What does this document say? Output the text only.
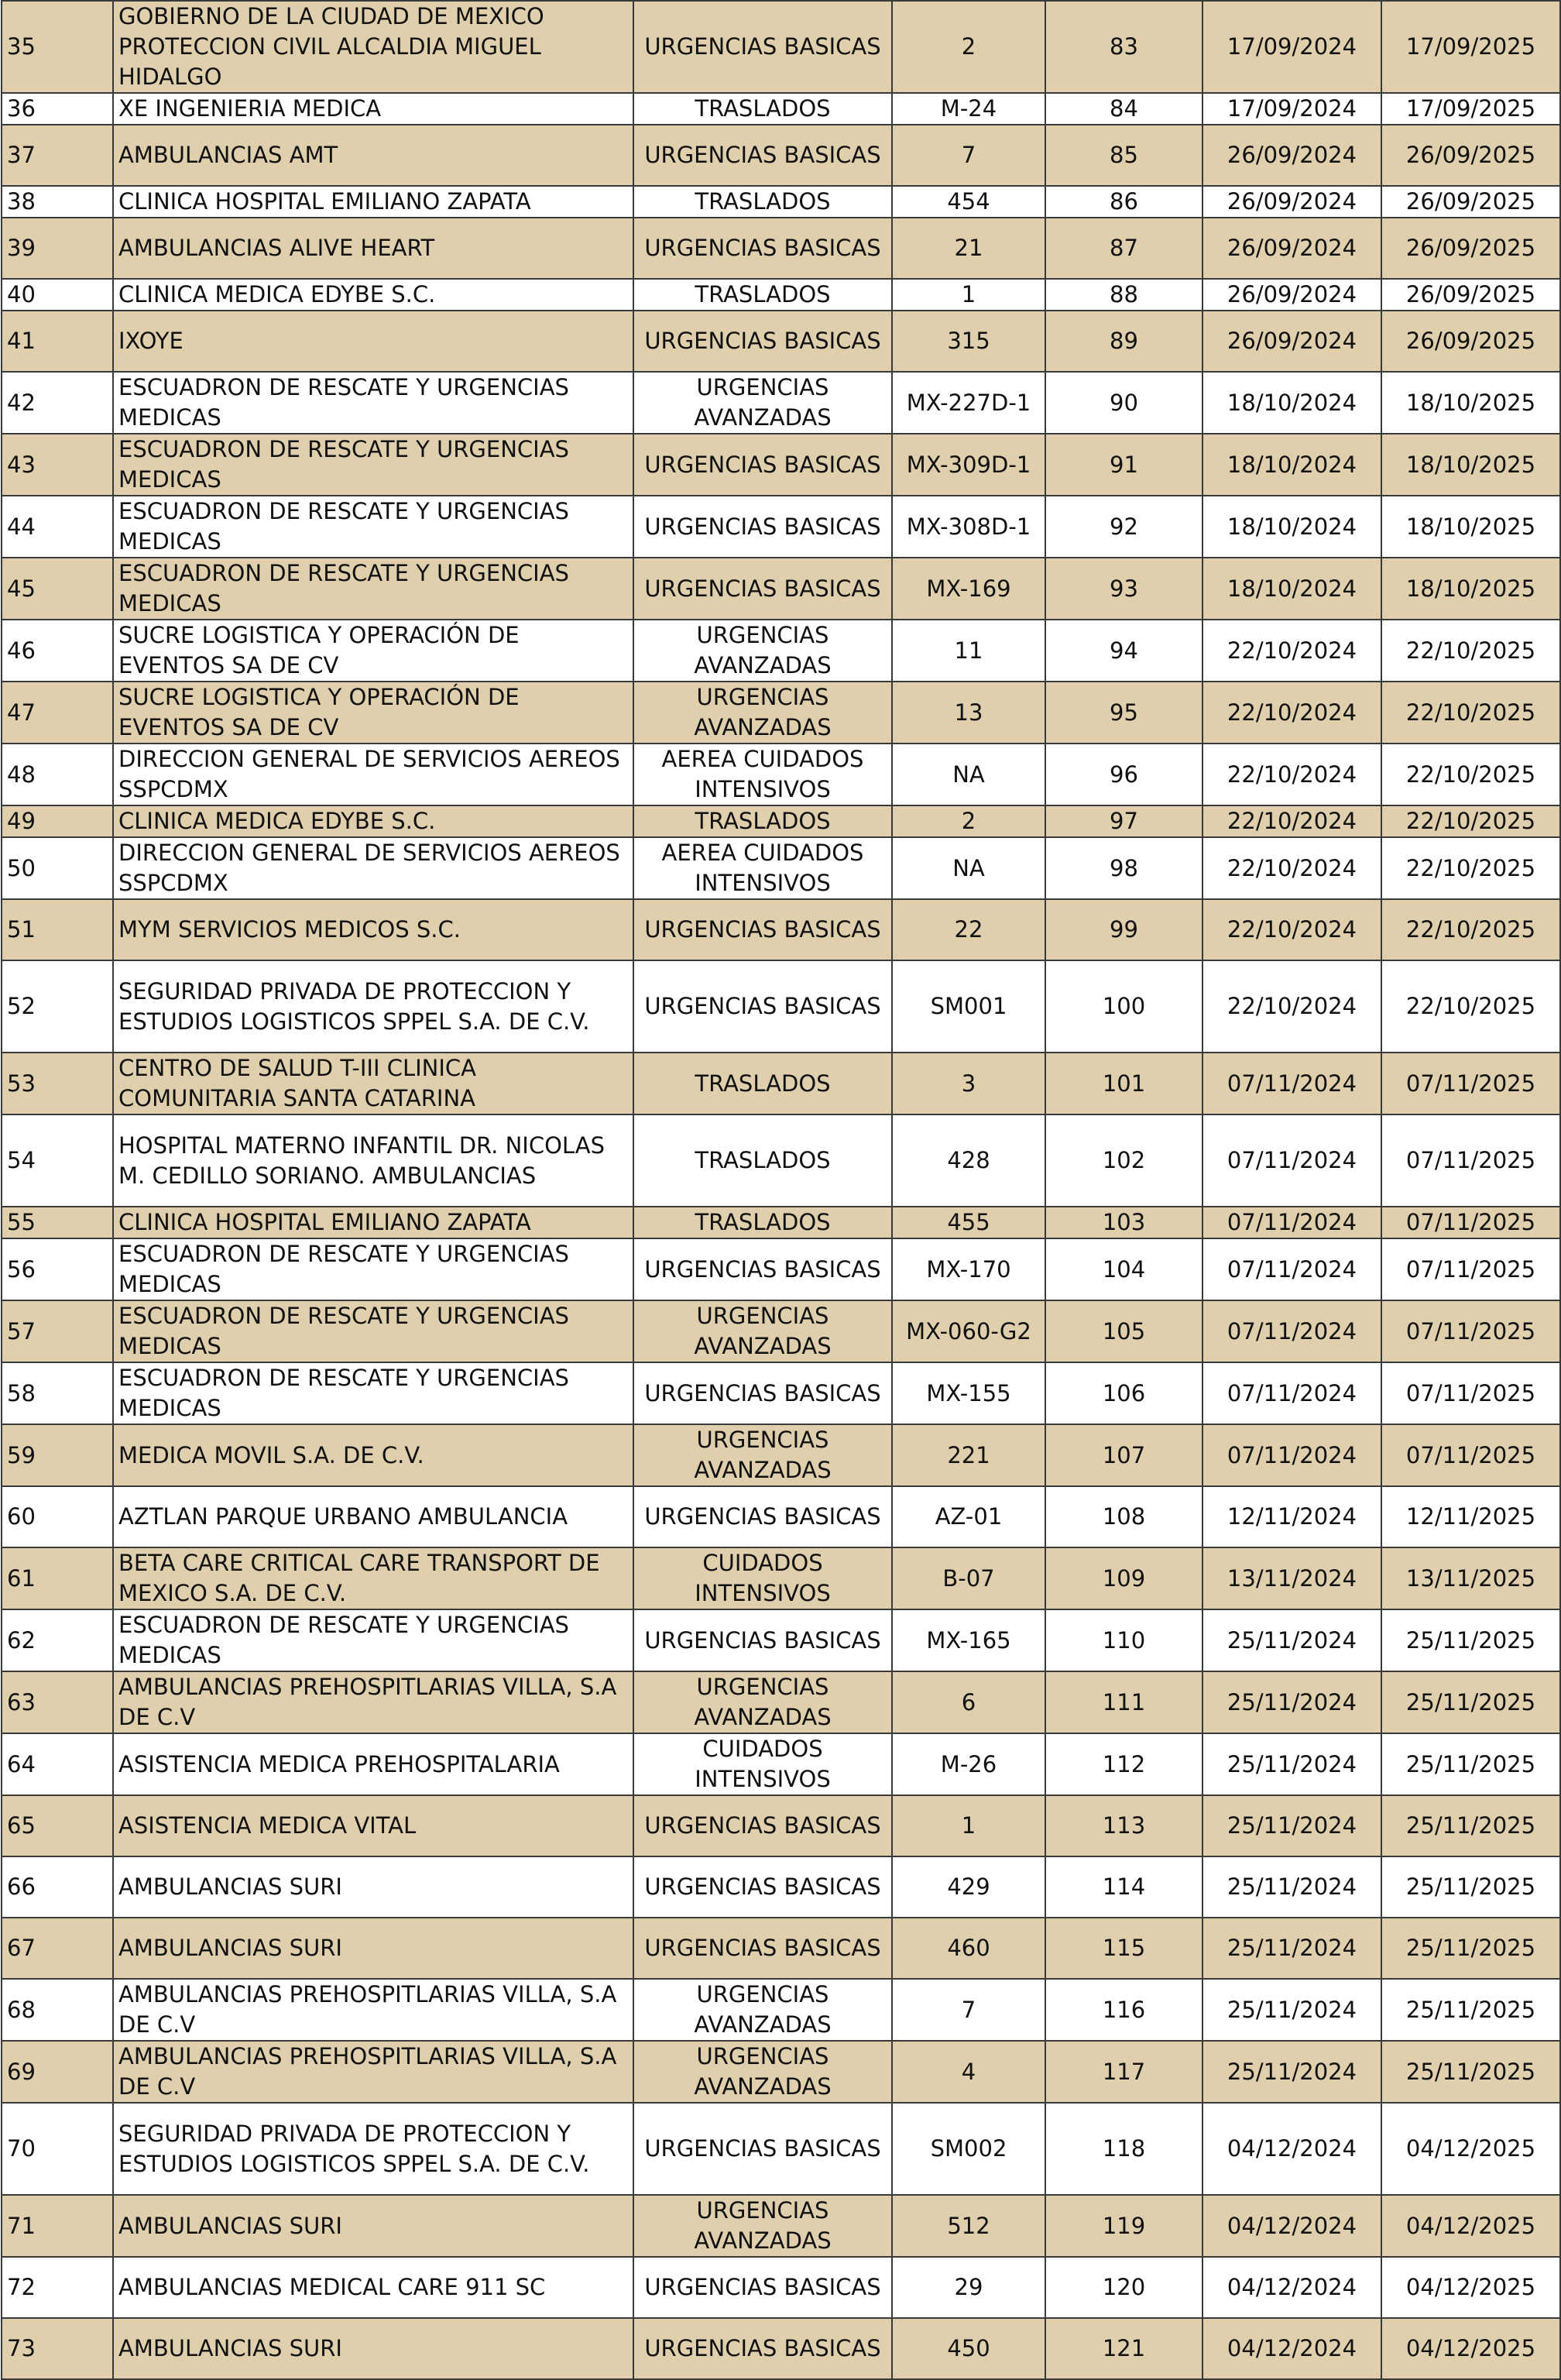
35	GOBIERNO DE LA CIUDAD DE MEXICO PROTECCION CIVIL ALCALDIA MIGUEL HIDALGO	URGENCIAS BASICAS	2	83	17/09/2024	17/09/2025
36	XE INGENIERIA MEDICA	TRASLADOS	M-24	84	17/09/2024	17/09/2025
37	AMBULANCIAS AMT	URGENCIAS BASICAS	7	85	26/09/2024	26/09/2025
38	CLINICA HOSPITAL EMILIANO ZAPATA	TRASLADOS	454	86	26/09/2024	26/09/2025
39	AMBULANCIAS ALIVE HEART	URGENCIAS BASICAS	21	87	26/09/2024	26/09/2025
40	CLINICA MEDICA EDYBE S.C.	TRASLADOS	1	88	26/09/2024	26/09/2025
41	IXOYE	URGENCIAS BASICAS	315	89	26/09/2024	26/09/2025
42	ESCUADRON DE RESCATE Y URGENCIAS MEDICAS	URGENCIAS AVANZADAS	MX-227D-1	90	18/10/2024	18/10/2025
43	ESCUADRON DE RESCATE Y URGENCIAS MEDICAS	URGENCIAS BASICAS	MX-309D-1	91	18/10/2024	18/10/2025
44	ESCUADRON DE RESCATE Y URGENCIAS MEDICAS	URGENCIAS BASICAS	MX-308D-1	92	18/10/2024	18/10/2025
45	ESCUADRON DE RESCATE Y URGENCIAS MEDICAS	URGENCIAS BASICAS	MX-169	93	18/10/2024	18/10/2025
46	SUCRE LOGISTICA Y OPERACIÓN DE EVENTOS SA DE CV	URGENCIAS AVANZADAS	11	94	22/10/2024	22/10/2025
47	SUCRE LOGISTICA Y OPERACIÓN DE EVENTOS SA DE CV	URGENCIAS AVANZADAS	13	95	22/10/2024	22/10/2025
48	DIRECCION GENERAL DE SERVICIOS AEREOS SSPCDMX	AEREA CUIDADOS INTENSIVOS	NA	96	22/10/2024	22/10/2025
49	CLINICA MEDICA EDYBE S.C.	TRASLADOS	2	97	22/10/2024	22/10/2025
50	DIRECCION GENERAL DE SERVICIOS AEREOS SSPCDMX	AEREA CUIDADOS INTENSIVOS	NA	98	22/10/2024	22/10/2025
51	MYM SERVICIOS MEDICOS S.C.	URGENCIAS BASICAS	22	99	22/10/2024	22/10/2025
52	SEGURIDAD PRIVADA DE PROTECCION Y ESTUDIOS LOGISTICOS SPPEL S.A. DE C.V.	URGENCIAS BASICAS	SM001	100	22/10/2024	22/10/2025
53	CENTRO DE SALUD T-III CLINICA COMUNITARIA SANTA CATARINA	TRASLADOS	3	101	07/11/2024	07/11/2025
54	HOSPITAL MATERNO INFANTIL DR. NICOLAS M. CEDILLO SORIANO. AMBULANCIAS	TRASLADOS	428	102	07/11/2024	07/11/2025
55	CLINICA HOSPITAL EMILIANO ZAPATA	TRASLADOS	455	103	07/11/2024	07/11/2025
56	ESCUADRON DE RESCATE Y URGENCIAS MEDICAS	URGENCIAS BASICAS	MX-170	104	07/11/2024	07/11/2025
57	ESCUADRON DE RESCATE Y URGENCIAS MEDICAS	URGENCIAS AVANZADAS	MX-060-G2	105	07/11/2024	07/11/2025
58	ESCUADRON DE RESCATE Y URGENCIAS MEDICAS	URGENCIAS BASICAS	MX-155	106	07/11/2024	07/11/2025
59	MEDICA MOVIL S.A. DE C.V.	URGENCIAS AVANZADAS	221	107	07/11/2024	07/11/2025
60	AZTLAN PARQUE URBANO AMBULANCIA	URGENCIAS BASICAS	AZ-01	108	12/11/2024	12/11/2025
61	BETA CARE CRITICAL CARE TRANSPORT DE MEXICO S.A. DE C.V.	CUIDADOS INTENSIVOS	B-07	109	13/11/2024	13/11/2025
62	ESCUADRON DE RESCATE Y URGENCIAS MEDICAS	URGENCIAS BASICAS	MX-165	110	25/11/2024	25/11/2025
63	AMBULANCIAS PREHOSPITLARIAS VILLA, S.A DE C.V	URGENCIAS AVANZADAS	6	111	25/11/2024	25/11/2025
64	ASISTENCIA MEDICA PREHOSPITALARIA	CUIDADOS INTENSIVOS	M-26	112	25/11/2024	25/11/2025
65	ASISTENCIA MEDICA VITAL	URGENCIAS BASICAS	1	113	25/11/2024	25/11/2025
66	AMBULANCIAS SURI	URGENCIAS BASICAS	429	114	25/11/2024	25/11/2025
67	AMBULANCIAS SURI	URGENCIAS BASICAS	460	115	25/11/2024	25/11/2025
68	AMBULANCIAS PREHOSPITLARIAS VILLA, S.A DE C.V	URGENCIAS AVANZADAS	7	116	25/11/2024	25/11/2025
69	AMBULANCIAS PREHOSPITLARIAS VILLA, S.A DE C.V	URGENCIAS AVANZADAS	4	117	25/11/2024	25/11/2025
70	SEGURIDAD PRIVADA DE PROTECCION Y ESTUDIOS LOGISTICOS SPPEL S.A. DE C.V.	URGENCIAS BASICAS	SM002	118	04/12/2024	04/12/2025
71	AMBULANCIAS SURI	URGENCIAS AVANZADAS	512	119	04/12/2024	04/12/2025
72	AMBULANCIAS MEDICAL CARE 911 SC	URGENCIAS BASICAS	29	120	04/12/2024	04/12/2025
73	AMBULANCIAS SURI	URGENCIAS BASICAS	450	121	04/12/2024	04/12/2025
